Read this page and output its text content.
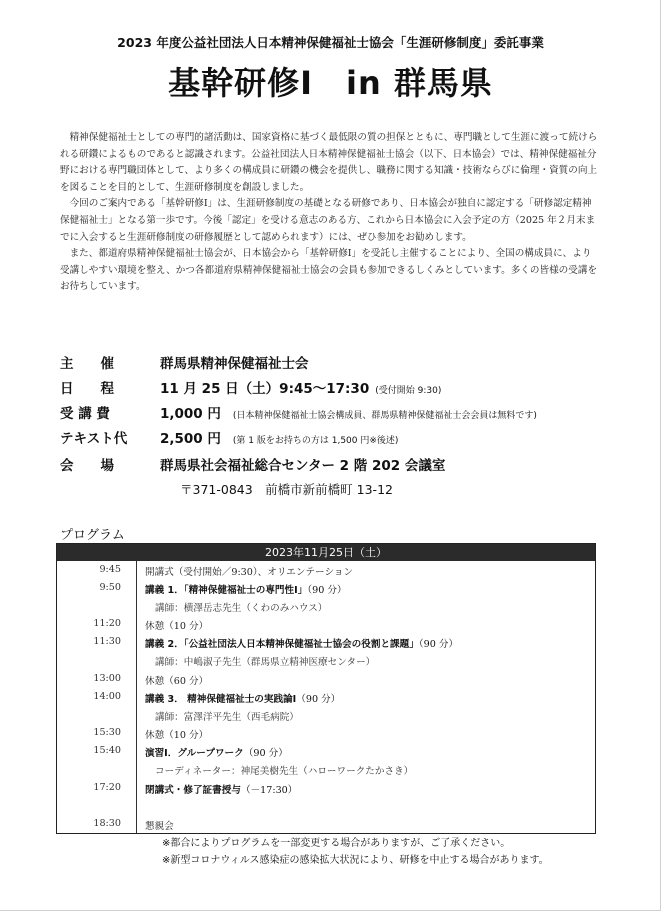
2023 年度公益社団法人日本精神保健福祉士協会「生涯研修制度」委託事業
基幹研修Ⅰ　in 群馬県

精神保健福祉士としての専門的諸活動は、国家資格に基づく最低限の質の担保とともに、専門職として生涯に渡って続けられる研鑽によるものであると認識されます。公益社団法人日本精神保健福祉士協会（以下、日本協会）では、精神保健福祉分野における専門職団体として、より多くの構成員に研鑽の機会を提供し、職務に関する知識・技術ならびに倫理・資質の向上を図ることを目的として、生涯研修制度を創設しました。

今回のご案内である「基幹研修Ⅰ」は、生涯研修制度の基礎となる研修であり、日本協会が独自に認定する「研修認定精神保健福祉士」となる第一歩です。今後「認定」を受ける意志のある方、これから日本協会に入会予定の方（2025 年２月末までに入会すると生涯研修制度の研修履歴として認められます）には、ぜひ参加をお勧めします。

また、都道府県精神保健福祉士協会が、日本協会から「基幹研修Ⅰ」を受託し主催することにより、全国の構成員に、より受講しやすい環境を整え、かつ各都道府県精神保健福祉士協会の会員も参加できるしくみとしています。多くの皆様の受講をお待ちしています。

主　　催	群馬県精神保健福祉士会
日　　程	11 月 25 日（土）9:45～17:30 (受付開始 9:30)
受 講 費	1,000 円 (日本精神保健福祉士協会構成員、群馬県精神保健福祉士会会員は無料です)
テキスト代	2,500 円 (第 1 版をお持ちの方は 1,500 円※後述)
会　　場	群馬県社会福祉総合センター 2 階 202 会議室
〒371-0843　前橋市新前橋町 13-12
プログラム
2023年11月25日（土）
9:45	開講式（受付開始／9:30）、オリエンテーション
9:50	講義 1．「精神保健福祉士の専門性Ⅰ」（90 分）
講師：横澤岳志先生（くわのみハウス）
11:20	休憩（10 分）
11:30	講義 2．「公益社団法人日本精神保健福祉士協会の役割と課題」（90 分）
講師：中嶋淑子先生（群馬県立精神医療センター）
13:00	休憩（60 分）
14:00	講義 3． 精神保健福祉士の実践論Ⅰ（90 分）
講師：富澤洋平先生（西毛病院）
15:30	休憩（10 分）
15:40	演習Ⅰ．グループワーク（90 分）
コーディネーター：神尾美樹先生（ハローワークたかさき）
17:20	閉講式・修了証書授与（－17:30）
18:30	懇親会
※都合によりプログラムを一部変更する場合がありますが、ご了承ください。
※新型コロナウィルス感染症の感染拡大状況により、研修を中止する場合があります。
